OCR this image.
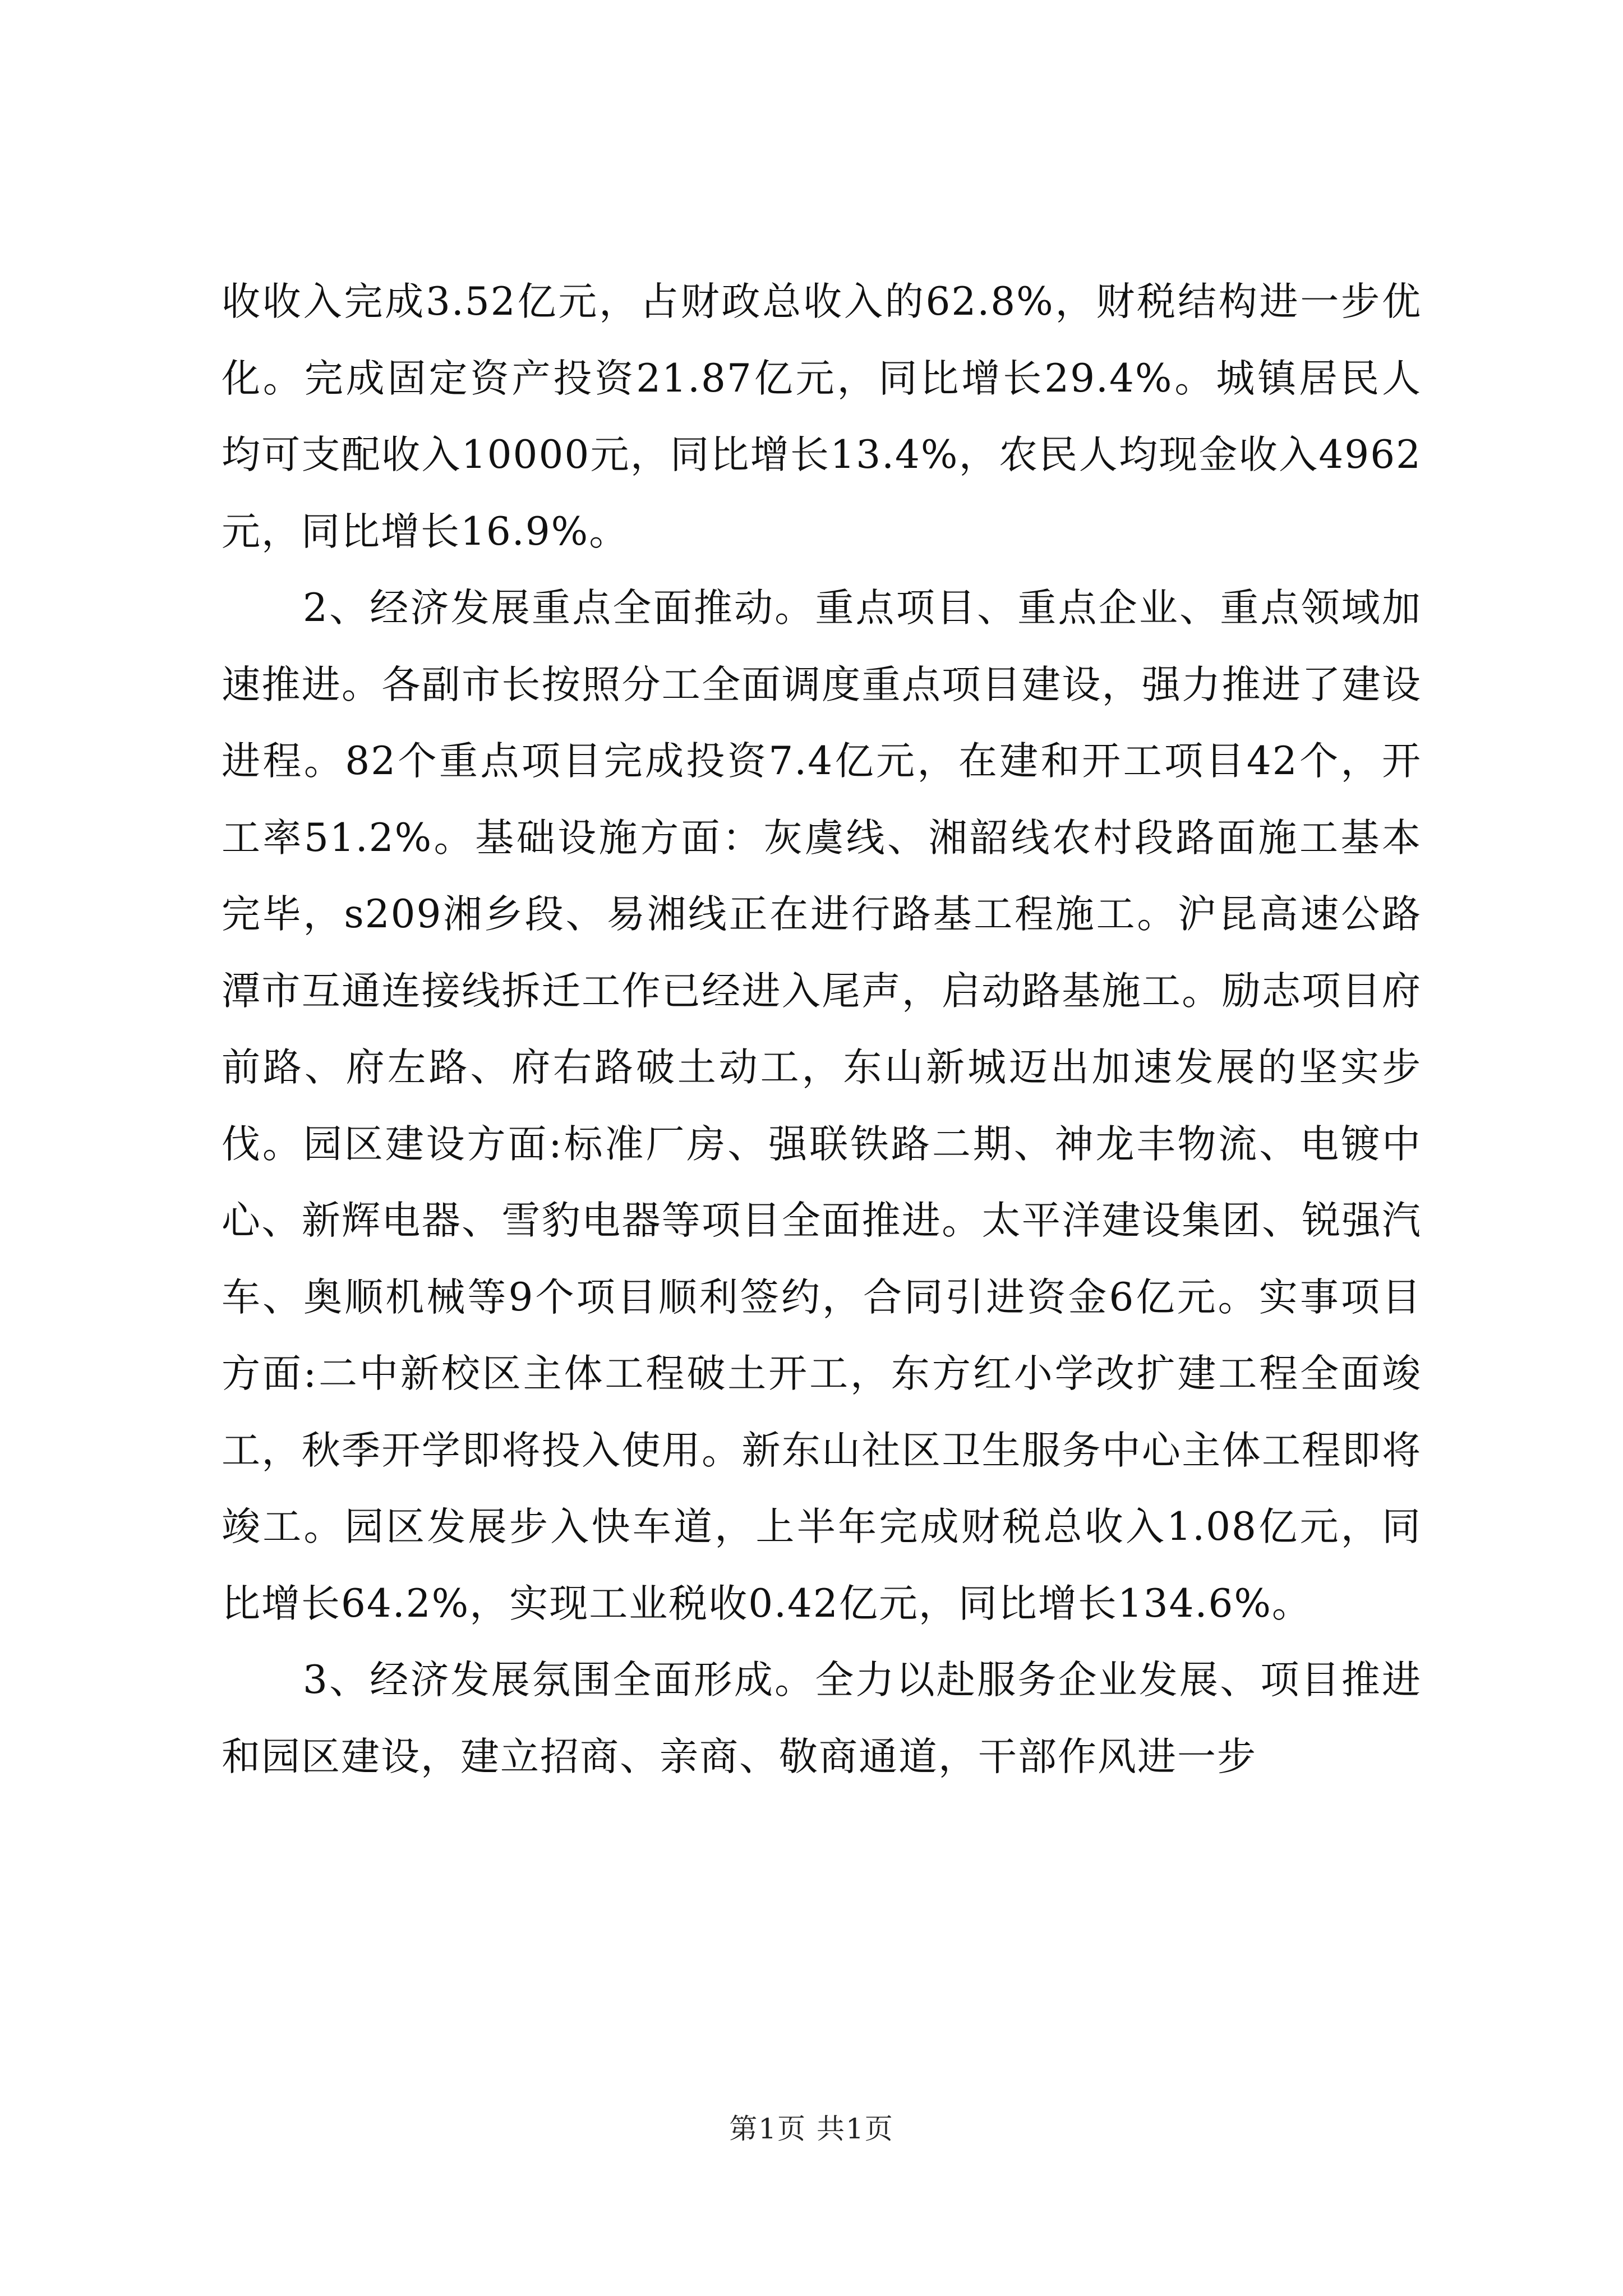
收收入完成3.52亿元，占财政总收入的62.8%，财税结构进一步优化。完成固定资产投资21.87亿元，同比增长29.4%。城镇居民人均可支配收入10000元，同比增长13.4%，农民人均现金收入4962元，同比增长16.9%。

2、经济发展重点全面推动。重点项目、重点企业、重点领域加速推进。各副市长按照分工全面调度重点项目建设，强力推进了建设进程。82个重点项目完成投资7.4亿元，在建和开工项目42个，开工率51.2%。基础设施方面：灰虞线、湘韶线农村段路面施工基本完毕，s209湘乡段、易湘线正在进行路基工程施工。沪昆高速公路潭市互通连接线拆迁工作已经进入尾声，启动路基施工。励志项目府前路、府左路、府右路破土动工，东山新城迈出加速发展的坚实步伐。园区建设方面:标准厂房、强联铁路二期、神龙丰物流、电镀中心、新辉电器、雪豹电器等项目全面推进。太平洋建设集团、锐强汽车、奥顺机械等9个项目顺利签约，合同引进资金6亿元。实事项目方面:二中新校区主体工程破土开工，东方红小学改扩建工程全面竣工，秋季开学即将投入使用。新东山社区卫生服务中心主体工程即将竣工。园区发展步入快车道，上半年完成财税总收入1.08亿元，同比增长64.2%，实现工业税收0.42亿元，同比增长134.6%。

3、经济发展氛围全面形成。全力以赴服务企业发展、项目推进和园区建设，建立招商、亲商、敬商通道，干部作风进一步

第1页 共1页
